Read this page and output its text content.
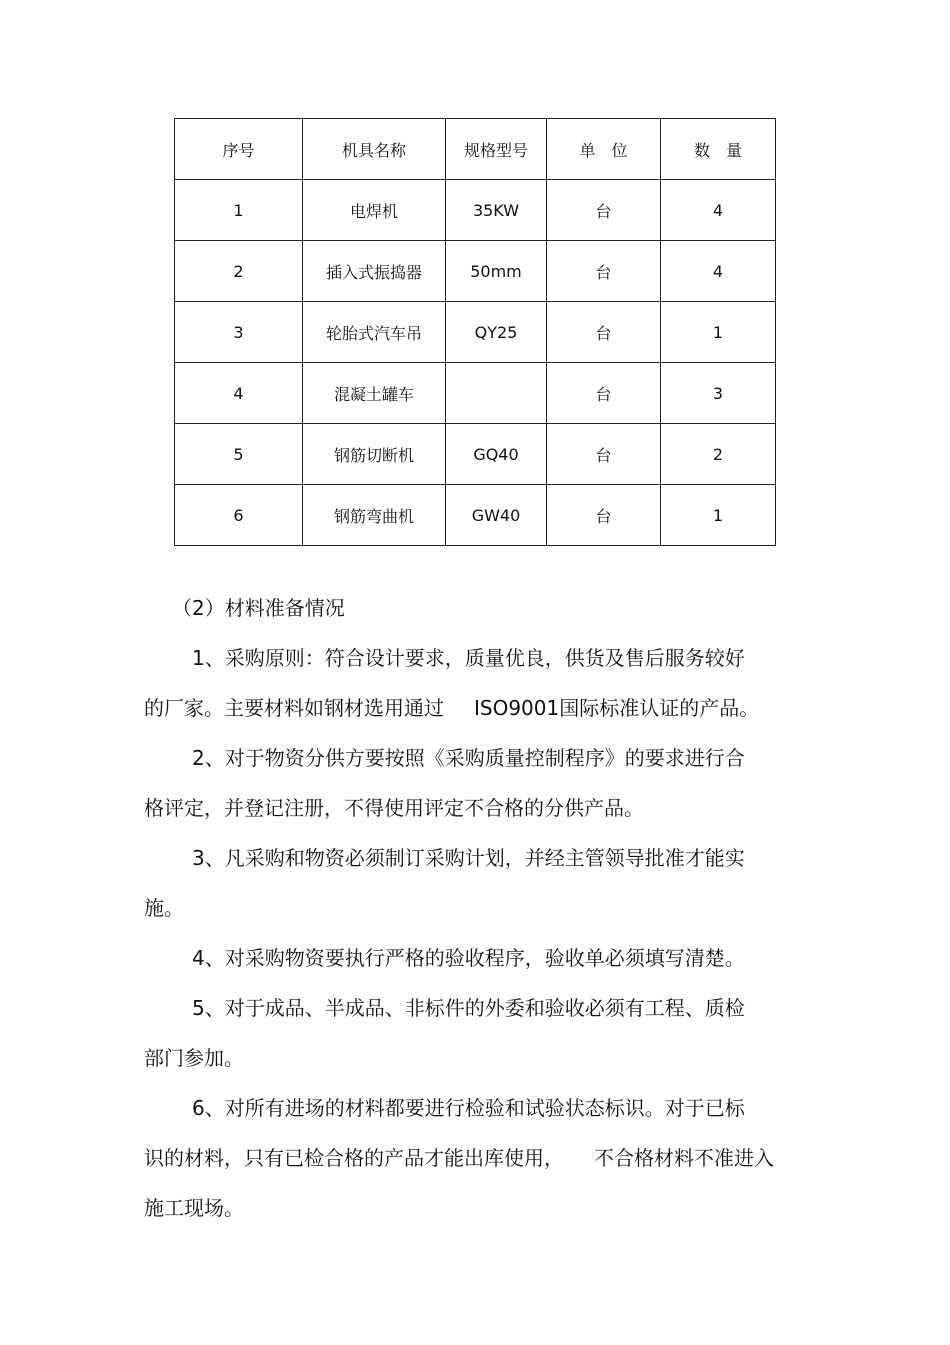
序号	机具名称	规格型号	单位	数量
1	电焊机	35KW	台	4
2	插入式振捣器	50mm	台	4
3	轮胎式汽车吊	QY25	台	1
4	混凝土罐车		台	3
5	钢筋切断机	GQ40	台	2
6	钢筋弯曲机	GW40	台	1
（2）材料准备情况
1、采购原则：符合设计要求，质量优良，供货及售后服务较好
的厂家。主要材料如钢材选用通过 ISO9001国际标准认证的产品。
2、对于物资分供方要按照《采购质量控制程序》的要求进行合
格评定，并登记注册，不得使用评定不合格的分供产品。
3、凡采购和物资必须制订采购计划，并经主管领导批准才能实
施。
4、对采购物资要执行严格的验收程序，验收单必须填写清楚。
5、对于成品、半成品、非标件的外委和验收必须有工程、质检
部门参加。
6、对所有进场的材料都要进行检验和试验状态标识。对于已标
识的材料，只有已检合格的产品才能出库使用， 不合格材料不准进入
施工现场。
